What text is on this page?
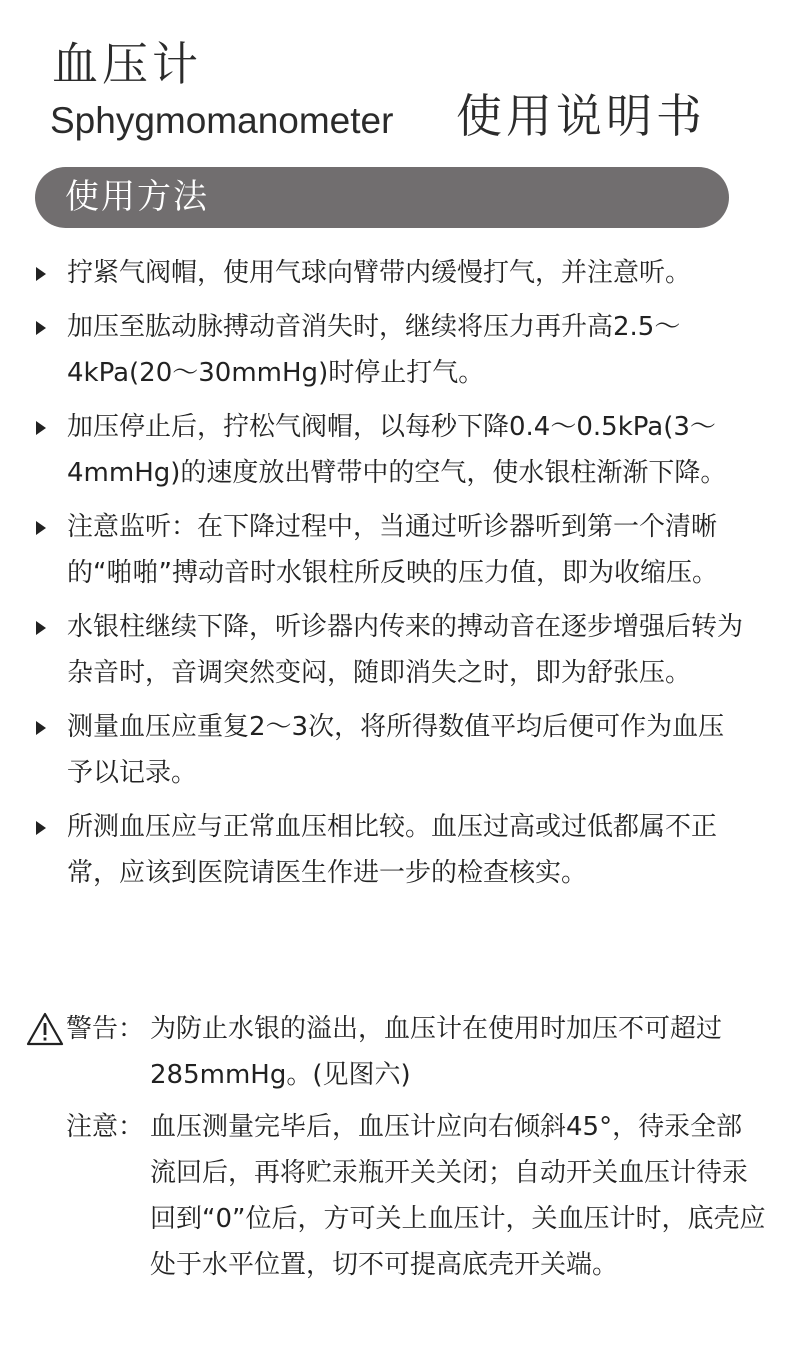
血压计
Sphygmomanometer 使用说明书
使用方法
拧紧气阀帽，使用气球向臂带内缓慢打气，并注意听。
加压至肱动脉搏动音消失时，继续将压力再升高2.5～4kPa(20～30mmHg)时停止打气。
加压停止后，拧松气阀帽，以每秒下降0.4～0.5kPa(3～4mmHg)的速度放出臂带中的空气，使水银柱渐渐下降。
注意监听：在下降过程中，当通过听诊器听到第一个清晰的“啪啪”搏动音时水银柱所反映的压力值，即为收缩压。
水银柱继续下降，听诊器内传来的搏动音在逐步增强后转为杂音时，音调突然变闷，随即消失之时，即为舒张压。
测量血压应重复2～3次，将所得数值平均后便可作为血压予以记录。
所测血压应与正常血压相比较。血压过高或过低都属不正常，应该到医院请医生作进一步的检查核实。
警告： 为防止水银的溢出，血压计在使用时加压不可超过285mmHg。(见图六)
注意： 血压测量完毕后，血压计应向右倾斜45°，待汞全部流回后，再将贮汞瓶开关关闭；自动开关血压计待汞回到“0”位后，方可关上血压计，关血压计时，底壳应处于水平位置，切不可提高底壳开关端。
